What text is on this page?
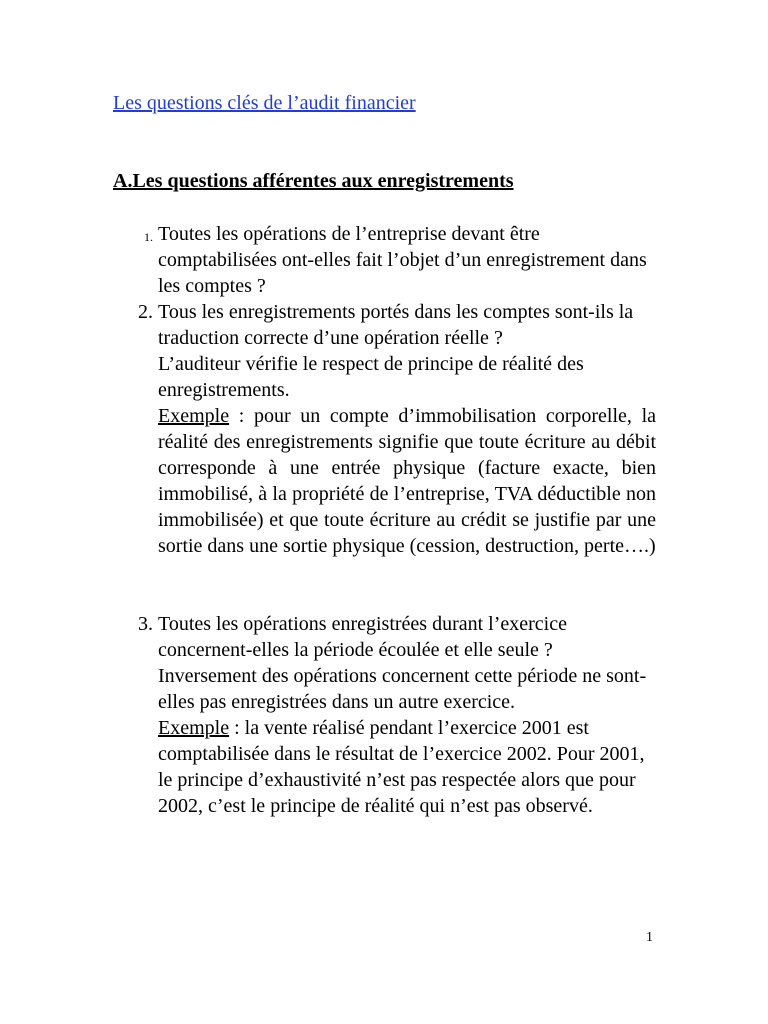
Les questions clés de l’audit financier
A.Les questions afférentes aux enregistrements
1. Toutes les opérations de l’entreprise devant être comptabilisées ont-elles fait l’objet d’un enregistrement dans les comptes ?

2. Tous les enregistrements portés dans les comptes sont-ils la traduction correcte d’une opération réelle ?

L’auditeur vérifie le respect de principe de réalité des enregistrements.

Exemple : pour un compte d’immobilisation corporelle, la réalité des enregistrements signifie que toute écriture au débit corresponde à une entrée physique (facture exacte, bien immobilisé, à la propriété de l’entreprise, TVA déductible non immobilisée) et que toute écriture au crédit se justifie par une sortie dans une sortie physique (cession, destruction, perte….)

3. Toutes les opérations enregistrées durant l’exercice concernent-elles la période écoulée et elle seule ?

Inversement des opérations concernent cette période ne sont-elles pas enregistrées dans un autre exercice.

Exemple : la vente réalisé pendant l’exercice 2001 est comptabilisée dans le résultat de l’exercice 2002. Pour 2001, le principe d’exhaustivité n’est pas respectée alors que pour 2002, c’est le principe de réalité qui n’est pas observé.

1
